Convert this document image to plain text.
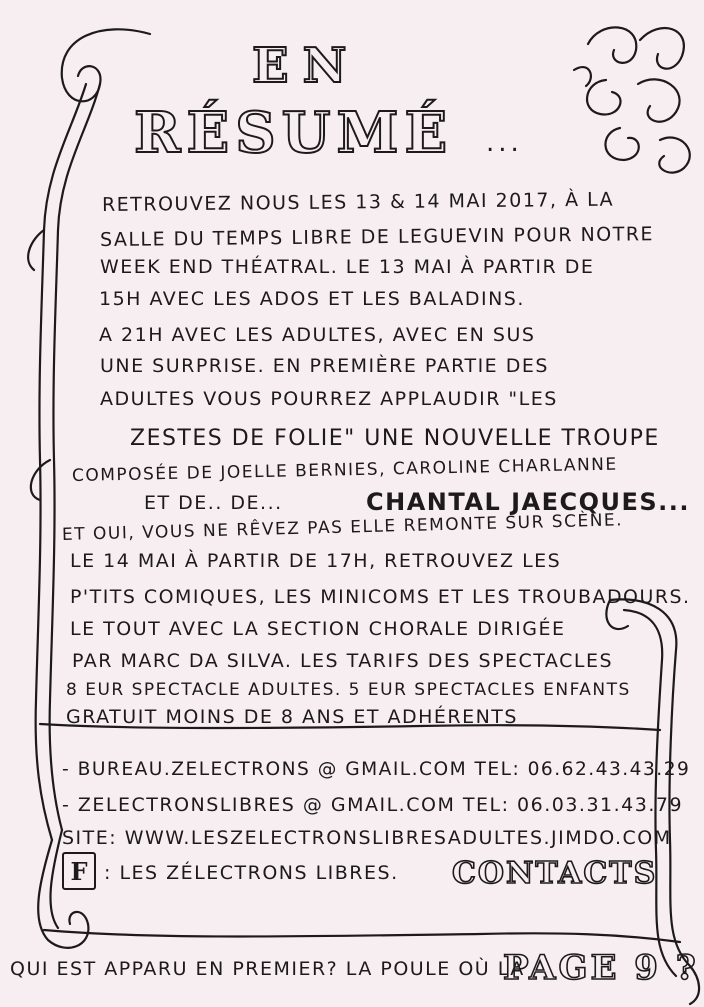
EN
RÉSUMÉ ...
RETROUVEZ NOUS LES 13 & 14 MAI 2017, À LA
SALLE DU TEMPS LIBRE DE LEGUEVIN POUR NOTRE
WEEK END THÉATRAL. LE 13 MAI À PARTIR DE
15H AVEC LES ADOS ET LES BALADINS.
A 21H AVEC LES ADULTES, AVEC EN SUS
UNE SURPRISE. EN PREMIÈRE PARTIE DES
ADULTES VOUS POURREZ APPLAUDIR "LES
ZESTES DE FOLIE" UNE NOUVELLE TROUPE
COMPOSÉE DE JOELLE BERNIES, CAROLINE CHARLANNE
ET DE.. DE...	CHANTAL JAECQUES...
ET OUI, VOUS NE RÊVEZ PAS ELLE REMONTE SUR SCÈNE.
LE 14 MAI À PARTIR DE 17H, RETROUVEZ LES
P'TITS COMIQUES, LES MINICOMS ET LES TROUBADOURS.
LE TOUT AVEC LA SECTION CHORALE DIRIGÉE
PAR MARC DA SILVA. LES TARIFS DES SPECTACLES
8 EUR SPECTACLE ADULTES. 5 EUR SPECTACLES ENFANTS
GRATUIT MOINS DE 8 ANS ET ADHÉRENTS
- BUREAU.ZELECTRONS @ GMAIL.COM TEL: 06.62.43.43.29
- ZELECTRONSLIBRES @ GMAIL.COM TEL: 06.03.31.43.79
SITE: WWW.LESZELECTRONSLIBRESADULTES.JIMDO.COM
F : LES ZÉLECTRONS LIBRES. CONTACTS
QUI EST APPARU EN PREMIER? LA POULE OÙ LA
PAGE 9 ?
